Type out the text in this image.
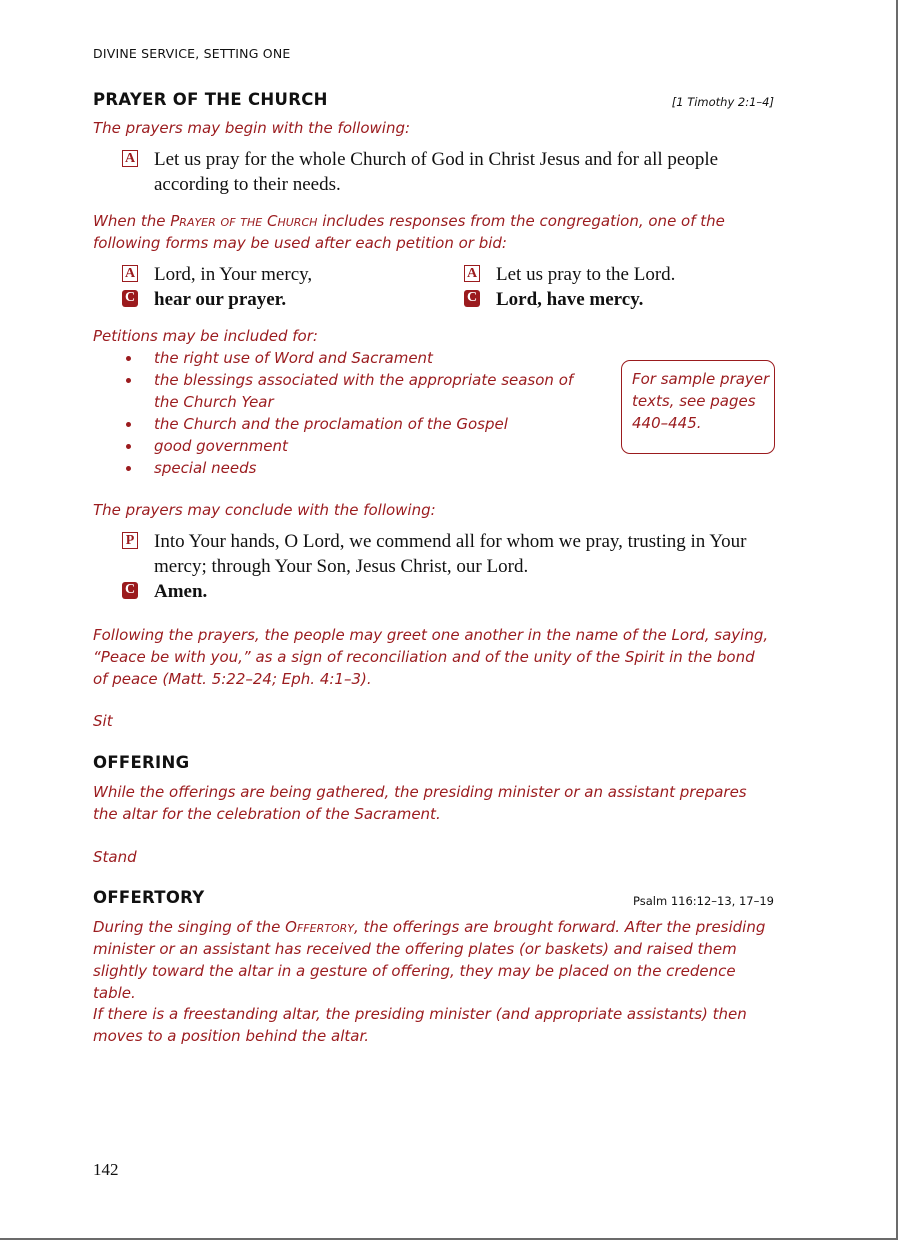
DIVINE SERVICE, SETTING ONE
PRAYER OF THE CHURCH	[1 Timothy 2:1–4]
The prayers may begin with the following:
A Let us pray for the whole Church of God in Christ Jesus and for all people according to their needs.
When the Prayer of the Church includes responses from the congregation, one of the following forms may be used after each petition or bid:
A Lord, in Your mercy,
C hear our prayer.
A Let us pray to the Lord.
C Lord, have mercy.
Petitions may be included for:
the right use of Word and Sacrament
the blessings associated with the appropriate season of the Church Year
the Church and the proclamation of the Gospel
good government
special needs
For sample prayer texts, see pages 440–445.
The prayers may conclude with the following:
P Into Your hands, O Lord, we commend all for whom we pray, trusting in Your mercy; through Your Son, Jesus Christ, our Lord.
C Amen.
Following the prayers, the people may greet one another in the name of the Lord, saying, “Peace be with you,” as a sign of reconciliation and of the unity of the Spirit in the bond of peace (Matt. 5:22–24; Eph. 4:1–3).
Sit
OFFERING
While the offerings are being gathered, the presiding minister or an assistant prepares the altar for the celebration of the Sacrament.
Stand
OFFERTORY	Psalm 116:12–13, 17–19
During the singing of the Offertory, the offerings are brought forward. After the presiding minister or an assistant has received the offering plates (or baskets) and raised them slightly toward the altar in a gesture of offering, they may be placed on the credence table.
If there is a freestanding altar, the presiding minister (and appropriate assistants) then moves to a position behind the altar.
142
